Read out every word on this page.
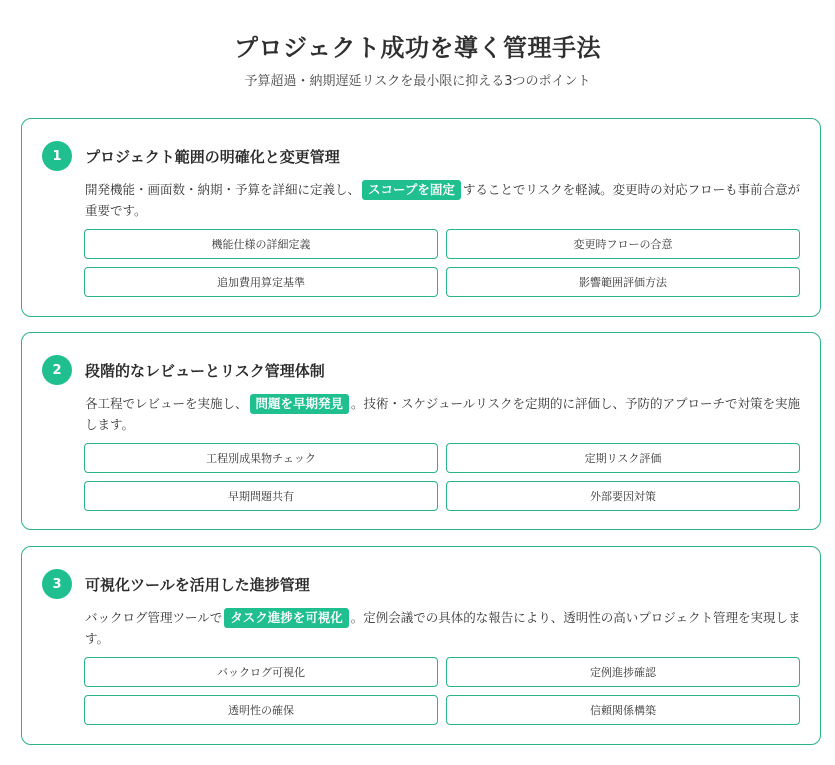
プロジェクト成功を導く管理手法
予算超過・納期遅延リスクを最小限に抑える3つのポイント
1	プロジェクト範囲の明確化と変更管理
開発機能・画面数・納期・予算を詳細に定義し、 スコープを固定 することでリスクを軽減。変更時の対応フローも事前合意が重要です。
機能仕様の詳細定義	変更時フローの合意
追加費用算定基準	影響範囲評価方法
2	段階的なレビューとリスク管理体制
各工程でレビューを実施し、 問題を早期発見 。技術・スケジュールリスクを定期的に評価し、予防的アプローチで対策を実施します。
工程別成果物チェック	定期リスク評価
早期問題共有	外部要因対策
3	可視化ツールを活用した進捗管理
バックログ管理ツールで タスク進捗を可視化 。定例会議での具体的な報告により、透明性の高いプロジェクト管理を実現します。
バックログ可視化	定例進捗確認
透明性の確保	信頼関係構築
